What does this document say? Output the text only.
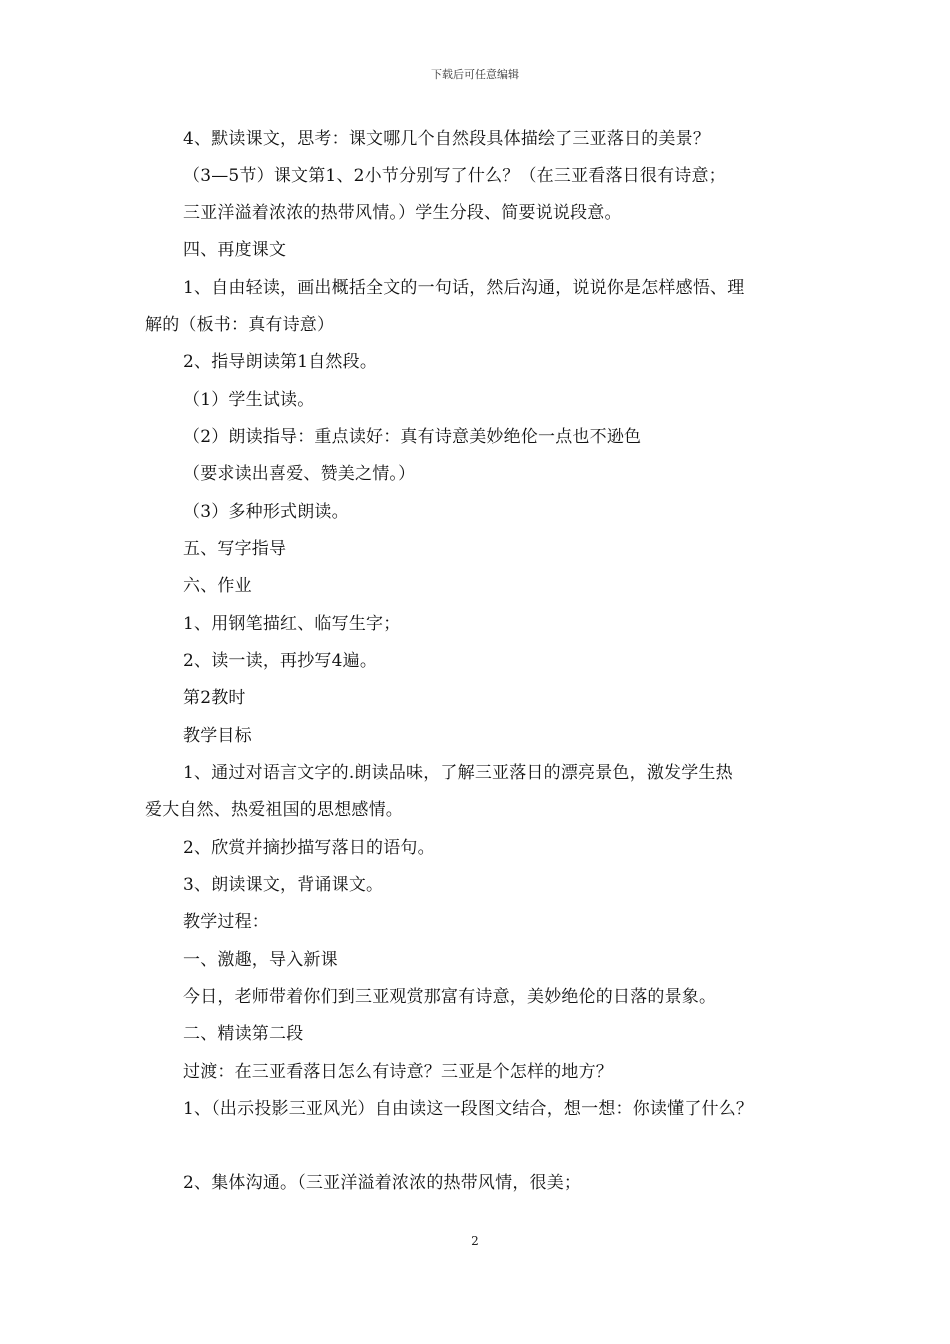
下载后可任意编辑
4、默读课文，思考：课文哪几个自然段具体描绘了三亚落日的美景？
（3—5节）课文第1、2小节分别写了什么？（在三亚看落日很有诗意；
三亚洋溢着浓浓的热带风情。）学生分段、简要说说段意。
四、再度课文
1、自由轻读，画出概括全文的一句话，然后沟通，说说你是怎样感悟、理
解的（板书：真有诗意）
2、指导朗读第1自然段。
（1）学生试读。
（2）朗读指导：重点读好：真有诗意美妙绝伦一点也不逊色
（要求读出喜爱、赞美之情。）
（3）多种形式朗读。
五、写字指导
六、作业
1、用钢笔描红、临写生字；
2、读一读，再抄写4遍。
第2教时
教学目标
1、通过对语言文字的.朗读品味，了解三亚落日的漂亮景色，激发学生热
爱大自然、热爱祖国的思想感情。
2、欣赏并摘抄描写落日的语句。
3、朗读课文，背诵课文。
教学过程：
一、激趣，导入新课
今日，老师带着你们到三亚观赏那富有诗意，美妙绝伦的日落的景象。
二、精读第二段
过渡：在三亚看落日怎么有诗意？三亚是个怎样的地方？
1、（出示投影三亚风光）自由读这一段图文结合，想一想：你读懂了什么？
2、集体沟通。（三亚洋溢着浓浓的热带风情，很美；
2
